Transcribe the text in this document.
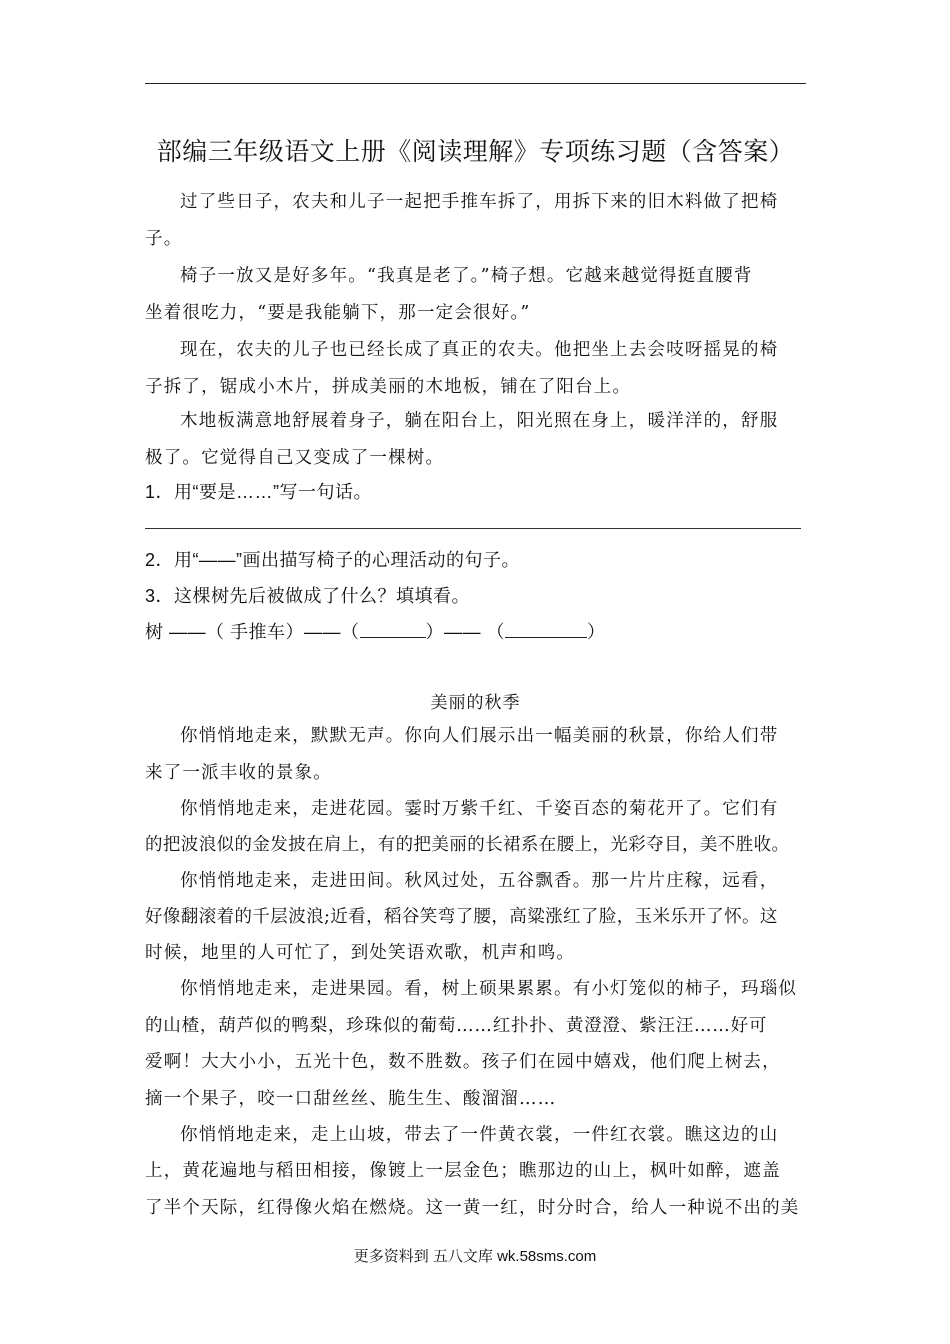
部编三年级语文上册《阅读理解》专项练习题（含答案）
过了些日子，农夫和儿子一起把手推车拆了，用拆下来的旧木料做了把椅
子。
椅子一放又是好多年。“我真是老了。”椅子想。它越来越觉得挺直腰背
坐着很吃力，“要是我能躺下，那一定会很好。”
现在，农夫的儿子也已经长成了真正的农夫。他把坐上去会吱呀摇晃的椅
子拆了，锯成小木片，拼成美丽的木地板，铺在了阳台上。
木地板满意地舒展着身子，躺在阳台上，阳光照在身上，暖洋洋的，舒服
极了。它觉得自己又变成了一棵树。
1．用“要是……”写一句话。
2．用“——”画出描写椅子的心理活动的句子。
3．这棵树先后被做成了什么？填填看。
树 ——（ 手推车）——（	）—— （	）
美丽的秋季
你悄悄地走来，默默无声。你向人们展示出一幅美丽的秋景，你给人们带
来了一派丰收的景象。
你悄悄地走来，走进花园。霎时万紫千红、千姿百态的菊花开了。它们有
的把波浪似的金发披在肩上，有的把美丽的长裙系在腰上，光彩夺目，美不胜收。
你悄悄地走来，走进田间。秋风过处，五谷飘香。那一片片庄稼，远看，
好像翻滚着的千层波浪;近看，稻谷笑弯了腰，高粱涨红了脸，玉米乐开了怀。这
时候，地里的人可忙了，到处笑语欢歌，机声和鸣。
你悄悄地走来，走进果园。看，树上硕果累累。有小灯笼似的柿子，玛瑙似
的山楂，葫芦似的鸭梨，珍珠似的葡萄……红扑扑、黄澄澄、紫汪汪……好可
爱啊！大大小小，五光十色，数不胜数。孩子们在园中嬉戏，他们爬上树去，
摘一个果子，咬一口甜丝丝、脆生生、酸溜溜……
你悄悄地走来，走上山坡，带去了一件黄衣裳，一件红衣裳。瞧这边的山
上，黄花遍地与稻田相接，像镀上一层金色；瞧那边的山上，枫叶如醉，遮盖
了半个天际，红得像火焰在燃烧。这一黄一红，时分时合，给人一种说不出的美
更多资料到 五八文库 wk.58sms.com
